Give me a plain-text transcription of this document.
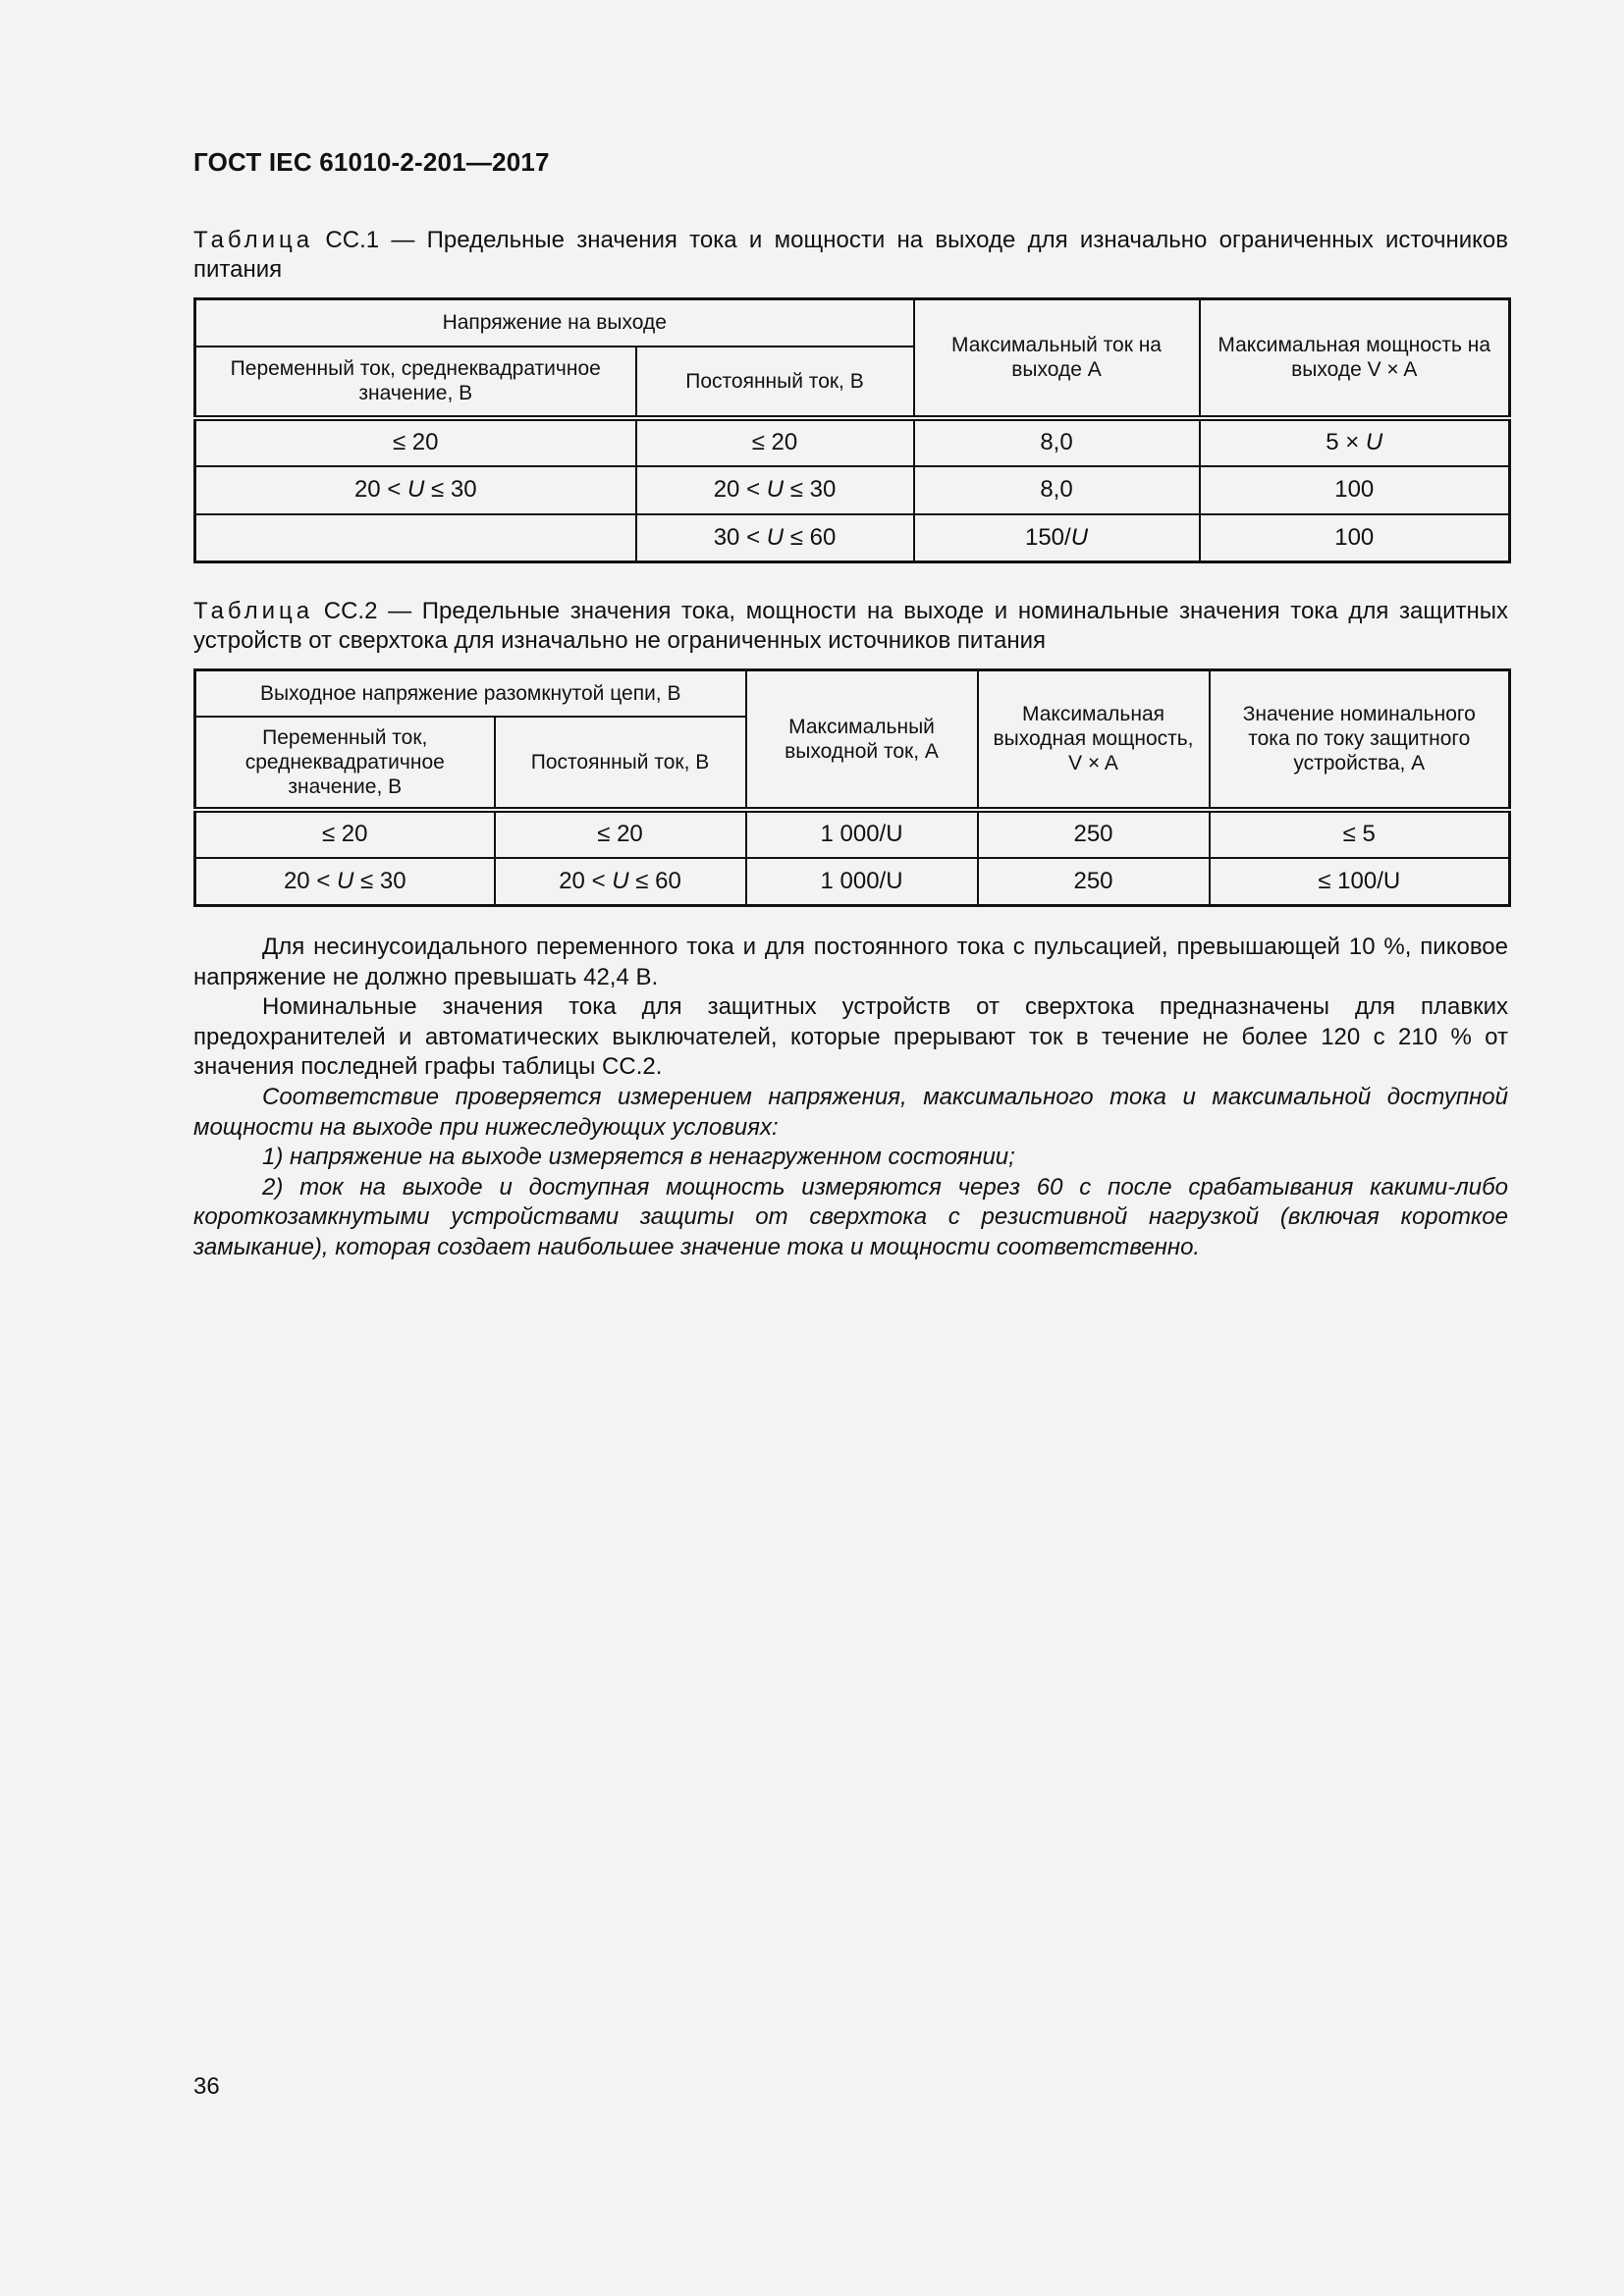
ГОСТ IEC 61010-2-201—2017
Таблица СС.1 — Предельные значения тока и мощности на выходе для изначально ограниченных источников питания
Напряжение на выходе		Максимальный ток на выходе А	Максимальная мощность на выходе V × A
Переменный ток, среднеквадратичное значение, В	Постоянный ток, В		
≤ 20	≤ 20	8,0	5 × U
20 < U ≤ 30	20 < U ≤ 30	8,0	100
	30 < U ≤ 60	150/U	100
Таблица СС.2 — Предельные значения тока, мощности на выходе и номинальные значения тока для защитных устройств от сверхтока для изначально не ограниченных источников питания
Выходное напряжение разомкнутой цепи, В		Максимальный выходной ток, А	Максимальная выходная мощность, V × A	Значение номинального тока по току защитного устройства, А
Переменный ток, среднеквадратичное значение, В	Постоянный ток, В			
≤ 20	≤ 20	1 000/U	250	≤ 5
20 < U ≤ 30	20 < U ≤ 60	1 000/U	250	≤ 100/U

Для несинусоидального переменного тока и для постоянного тока с пульсацией, превышающей 10 %, пиковое напряжение не должно превышать 42,4 В.

Номинальные значения тока для защитных устройств от сверхтока предназначены для плавких предохранителей и автоматических выключателей, которые прерывают ток в течение не более 120 с 210 % от значения последней графы таблицы СС.2.

Соответствие проверяется измерением напряжения, максимального тока и максимальной доступной мощности на выходе при нижеследующих условиях:

1) напряжение на выходе измеряется в ненагруженном состоянии;

2) ток на выходе и доступная мощность измеряются через 60 с после срабатывания какими-либо короткозамкнутыми устройствами защиты от сверхтока с резистивной нагрузкой (включая короткое замыкание), которая создает наибольшее значение тока и мощности соответственно.

36
